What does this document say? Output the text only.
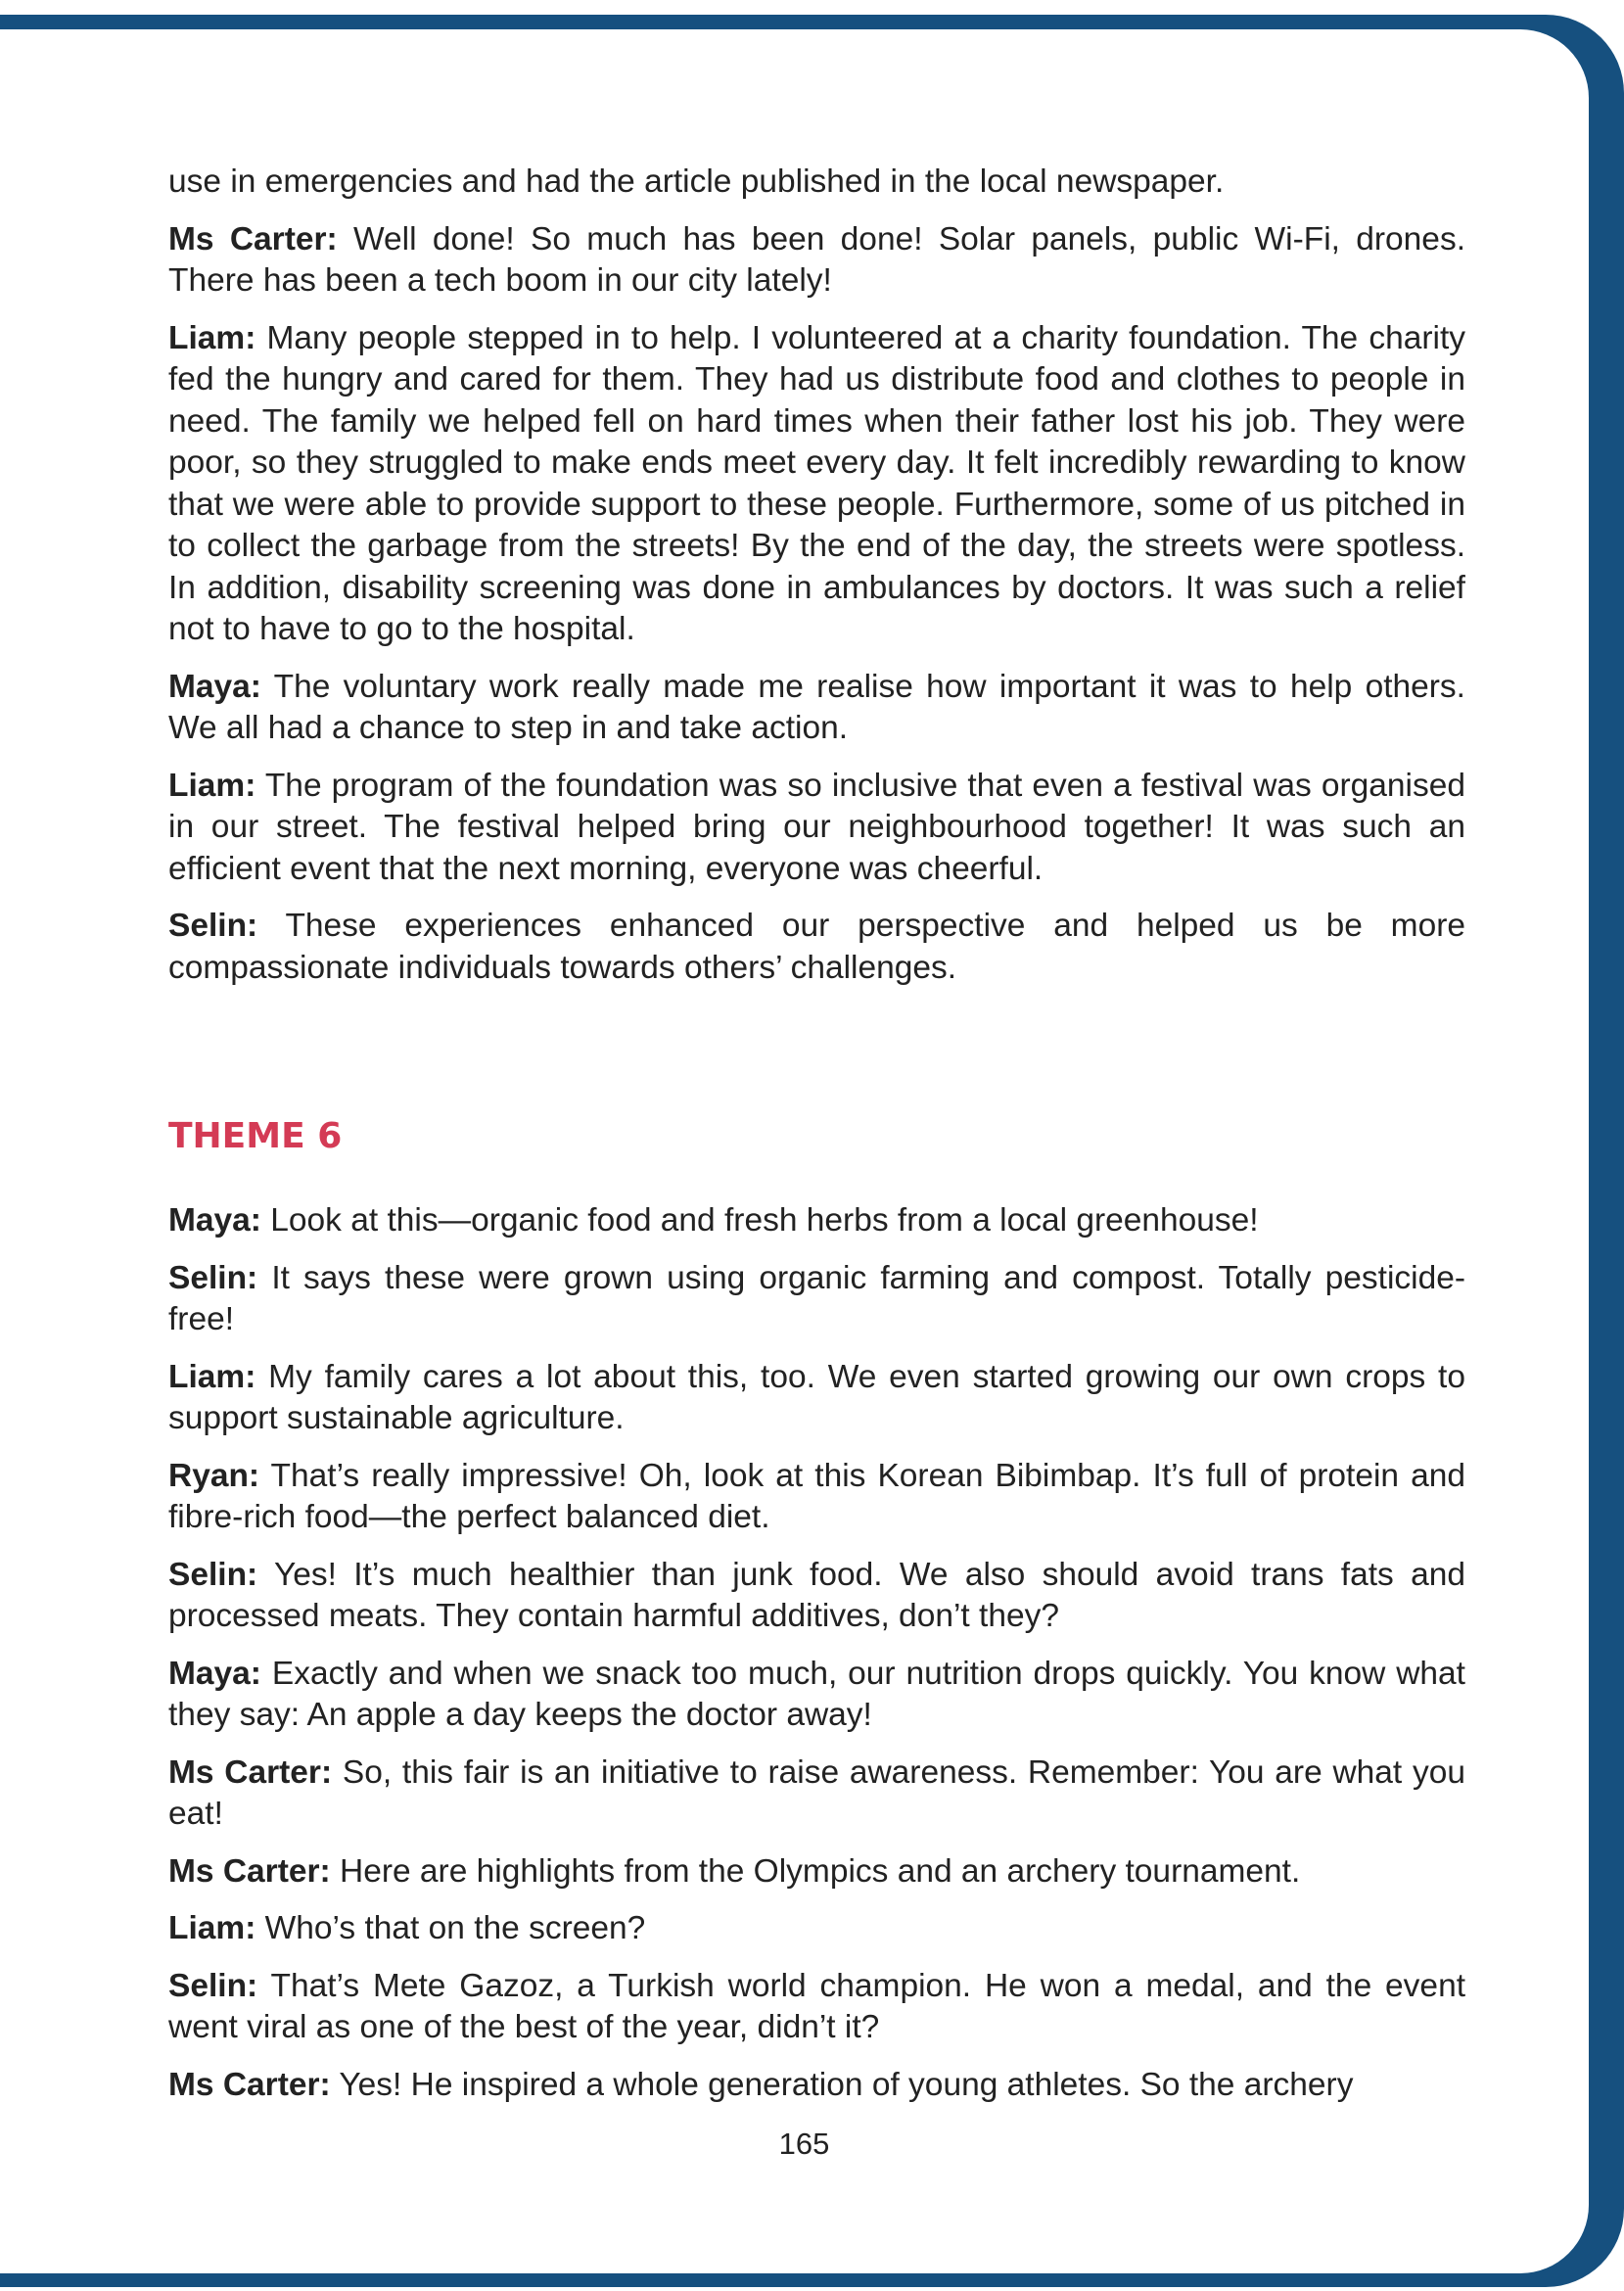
use in emergencies and had the article published in the local newspaper.

Ms Carter: Well done! So much has been done! Solar panels, public Wi-Fi, drones. There has been a tech boom in our city lately!

Liam: Many people stepped in to help. I volunteered at a charity foundation. The charity fed the hungry and cared for them. They had us distribute food and clothes to people in need. The family we helped fell on hard times when their father lost his job. They were poor, so they struggled to make ends meet every day. It felt incredibly rewarding to know that we were able to provide support to these people. Furthermore, some of us pitched in to collect the garbage from the streets! By the end of the day, the streets were spotless. In addition, disability screening was done in ambulances by doctors. It was such a relief not to have to go to the hospital.

Maya: The voluntary work really made me realise how important it was to help others. We all had a chance to step in and take action.

Liam: The program of the foundation was so inclusive that even a festival was organised in our street. The festival helped bring our neighbourhood together! It was such an efficient event that the next morning, everyone was cheerful.

Selin: These experiences enhanced our perspective and helped us be more compassionate individuals towards others’ challenges.

THEME 6

Maya: Look at this—organic food and fresh herbs from a local greenhouse!

Selin: It says these were grown using organic farming and compost. Totally pesticide-free!

Liam: My family cares a lot about this, too. We even started growing our own crops to support sustainable agriculture.

Ryan: That’s really impressive! Oh, look at this Korean Bibimbap. It’s full of protein and fibre-rich food—the perfect balanced diet.

Selin: Yes! It’s much healthier than junk food. We also should avoid trans fats and processed meats. They contain harmful additives, don’t they?

Maya: Exactly and when we snack too much, our nutrition drops quickly. You know what they say: An apple a day keeps the doctor away!

Ms Carter: So, this fair is an initiative to raise awareness. Remember: You are what you eat!

Ms Carter: Here are highlights from the Olympics and an archery tournament.

Liam: Who’s that on the screen?

Selin: That’s Mete Gazoz, a Turkish world champion. He won a medal, and the event went viral as one of the best of the year, didn’t it?

Ms Carter: Yes! He inspired a whole generation of young athletes. So the archery

165
